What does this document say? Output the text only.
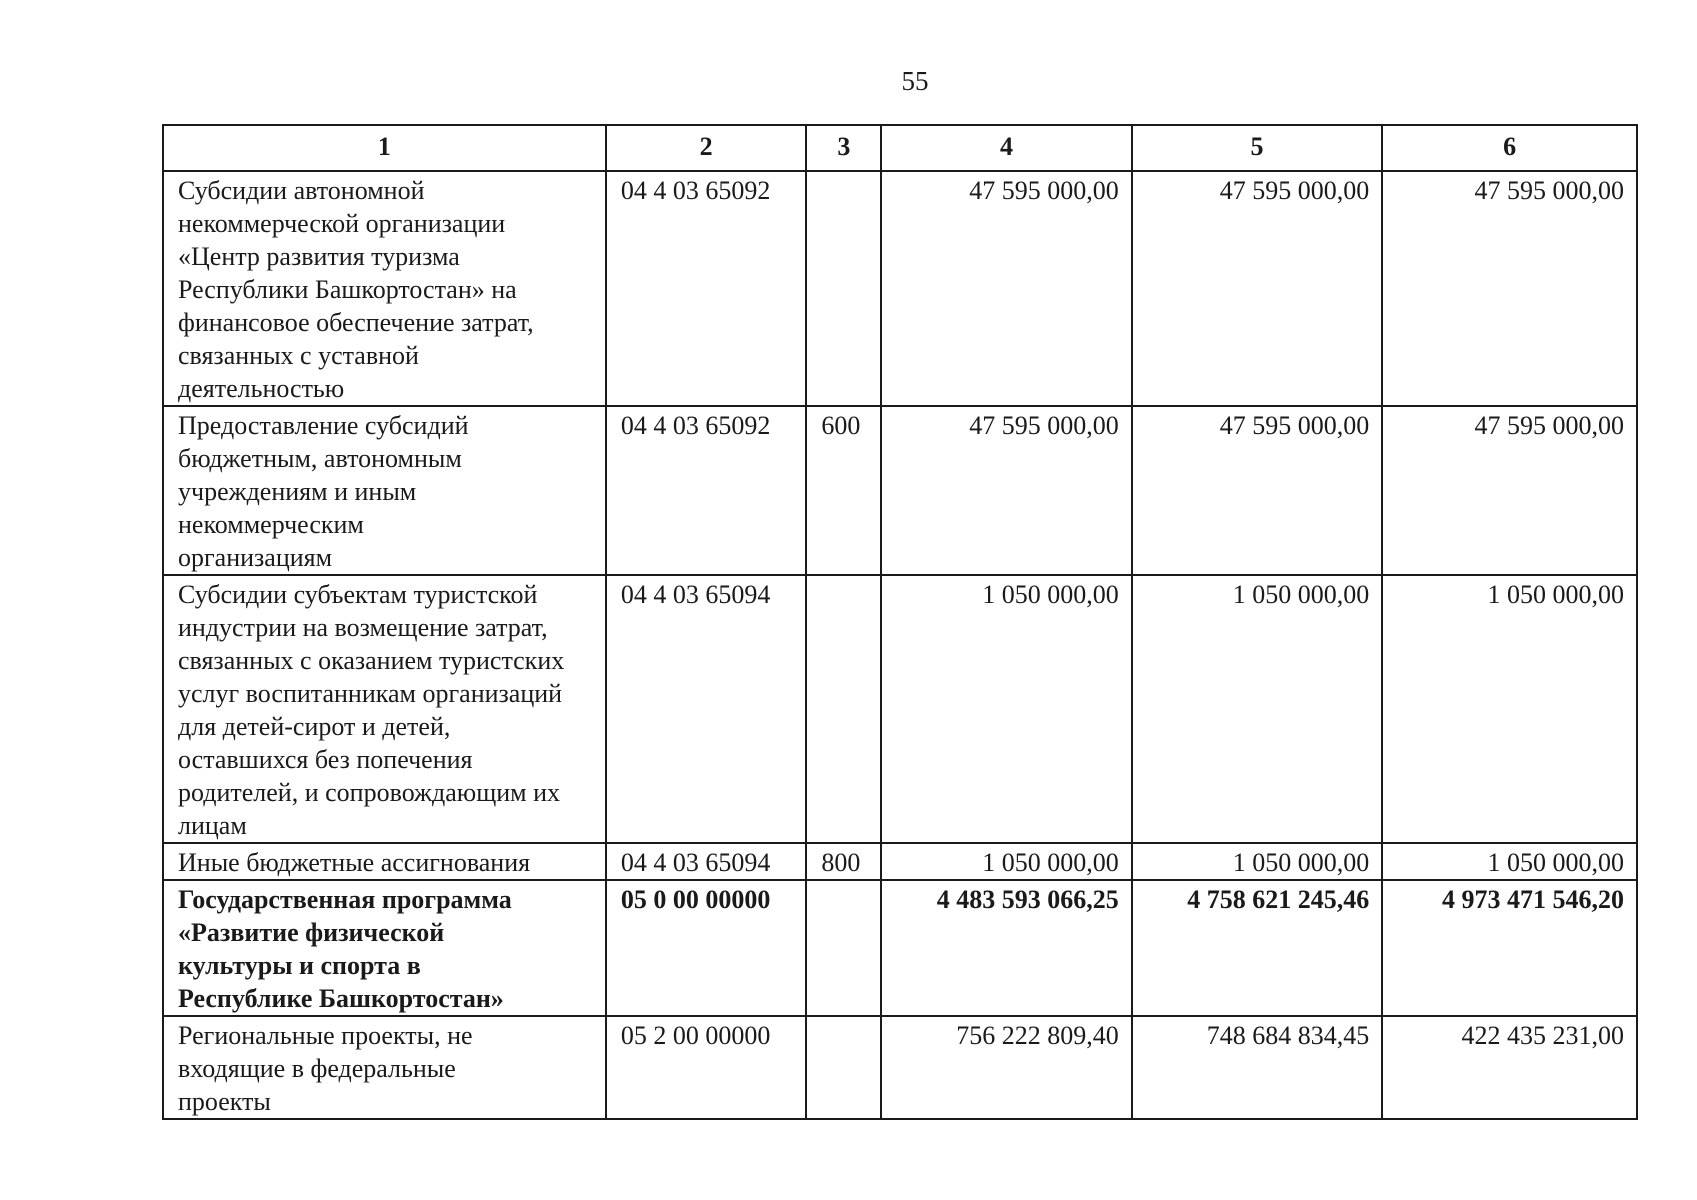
55
1	2	3	4	5	6

Субсидии автономной некоммерческой организации «Центр развития туризма Республики Башкортостан» на финансовое обеспечение затрат, связанных с уставной деятельностью	04 4 03 65092		47 595 000,00	47 595 000,00	47 595 000,00

Предоставление субсидий бюджетным, автономным учреждениям и иным некоммерческим организациям	04 4 03 65092	600	47 595 000,00	47 595 000,00	47 595 000,00

Субсидии субъектам туристской индустрии на возмещение затрат, связанных с оказанием туристских услуг воспитанникам организаций для детей-сирот и детей, оставшихся без попечения родителей, и сопровождающим их лицам	04 4 03 65094		1 050 000,00	1 050 000,00	1 050 000,00

Иные бюджетные ассигнования	04 4 03 65094	800	1 050 000,00	1 050 000,00	1 050 000,00

Государственная программа «Развитие физической культуры и спорта в Республике Башкортостан»	05 0 00 00000		4 483 593 066,25	4 758 621 245,46	4 973 471 546,20

Региональные проекты, не входящие в федеральные проекты	05 2 00 00000		756 222 809,40	748 684 834,45	422 435 231,00
